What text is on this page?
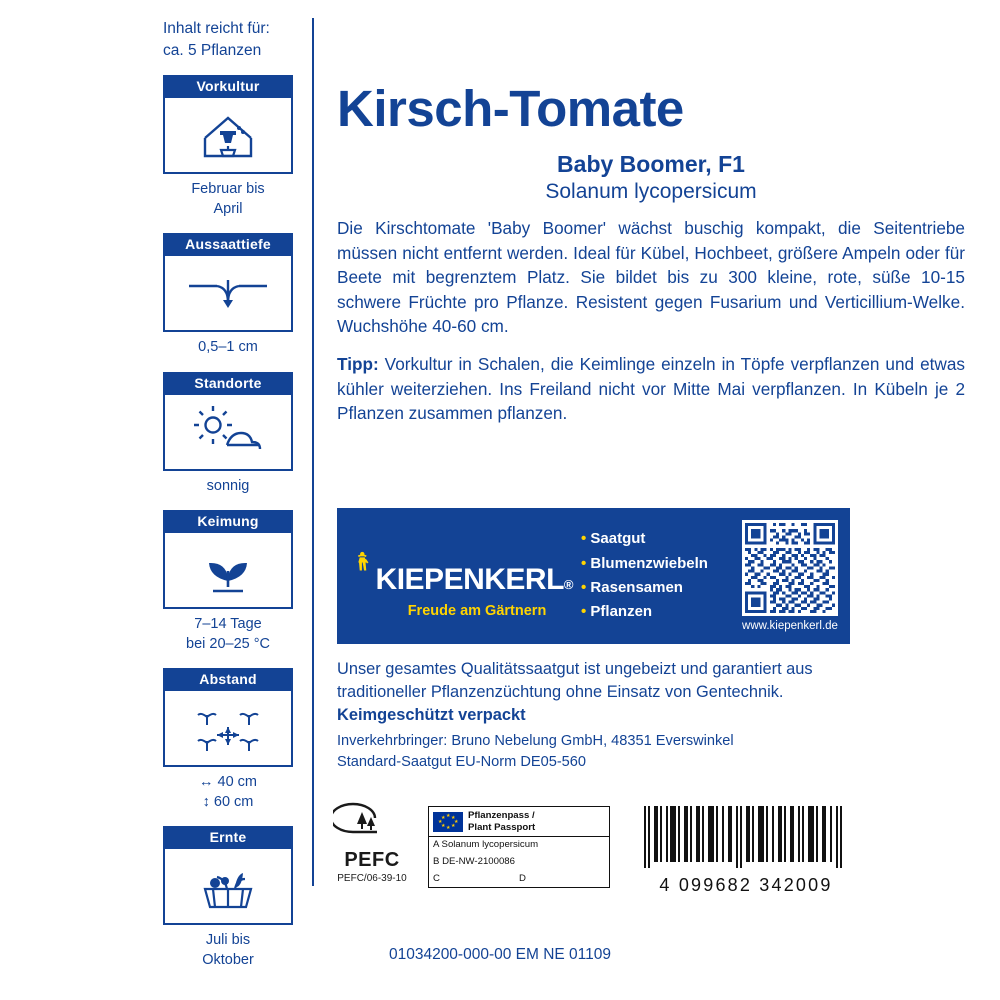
Inhalt reicht für:
ca. 5 Pflanzen
Vorkultur
Februar bis
April
Aussaattiefe
0,5–1 cm
Standorte
sonnig
Keimung
7–14 Tage
bei 20–25 °C
Abstand
↔ 40 cm
↕ 60 cm
Ernte
Juli bis
Oktober
Kirsch-Tomate
Baby Boomer, F1
Solanum lycopersicum
Die Kirschtomate 'Baby Boomer' wächst buschig kompakt, die Seitentriebe müssen nicht entfernt werden. Ideal für Kübel, Hochbeet, größere Ampeln oder für Beete mit begrenztem Platz. Sie bildet bis zu 300 kleine, rote, süße 10-15 schwere Früchte pro Pflanze. Resistent gegen Fusarium und Verticillium-Welke. Wuchshöhe 40-60 cm.
Tipp: Vorkultur in Schalen, die Keimlinge einzeln in Töpfe verpflanzen und etwas kühler weiterziehen. Ins Freiland nicht vor Mitte Mai verpflanzen. In Kübeln je 2 Pflanzen zusammen pflanzen.
KIEPENKERL ®
Freude am Gärtnern
• Saatgut
• Blumenzwiebeln
• Rasensamen
• Pflanzen
www.kiepenkerl.de
Unser gesamtes Qualitätssaatgut ist ungebeizt und garantiert aus traditioneller Pflanzenzüchtung ohne Einsatz von Gentechnik.
Keimgeschützt verpackt
Inverkehrbringer: Bruno Nebelung GmbH, 48351 Everswinkel
Standard-Saatgut EU-Norm DE05-560
PEFC
PEFC/06-39-10
★ ★
★
★
★
★
★
★ Pflanzenpass /
Plant Passport
A Solanum lycopersicum
B DE-NW-2100086
C	D	4 099682 342009
01034200-000-00 EM NE 01109
